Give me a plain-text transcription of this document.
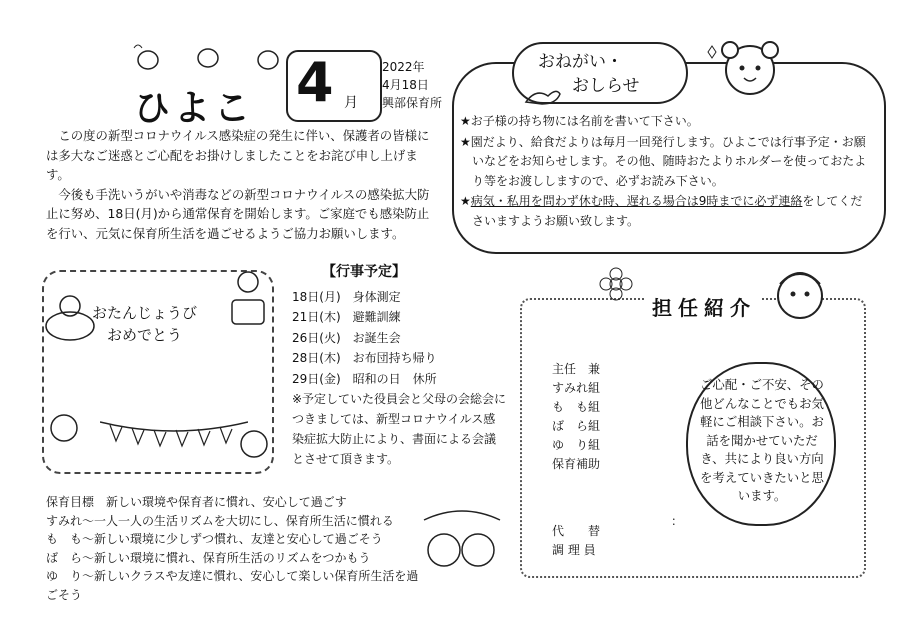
ひよこ 4 月
2022年
4月18日
興部保育所

この度の新型コロナウイルス感染症の発生に伴い、保護者の皆様には多大なご迷惑とご心配をお掛けしましたことをお詫び申し上げます。

今後も手洗いうがいや消毒などの新型コロナウイルスの感染拡大防止に努め、18日(月)から通常保育を開始します。ご家庭でも感染防止を行い、元気に保育所生活を過ごせるようご協力お願いします。

おねがい・
おしらせ
★お子様の持ち物には名前を書いて下さい。
★園だより、給食だよりは毎月一回発行します。ひよこでは行事予定・お願いなどをお知らせします。その他、随時おたよりホルダーを使っておたより等をお渡ししますので、必ずお読み下さい。
★病気・私用を問わず休む時、遅れる場合は9時までに必ず連絡をしてくださいますようお願い致します。
おたんじょうび
おめでとう
【行事予定】
18日(月)　 身体測定
21日(木)　 避難訓練
26日(火)　 お誕生会
28日(木)　 お布団持ち帰り
29日(金)　 昭和の日　休所
※予定していた役員会と父母の会総会につきましては、新型コロナウイルス感染症拡大防止により、書面による会議とさせて頂きます。
保育目標　新しい環境や保育者に慣れ、安心して過ごす
すみれ～一人一人の生活リズムを大切にし、保育所生活に慣れる
も　も～新しい環境に少しずつ慣れ、友達と安心して過ごそう
ば　ら～新しい環境に慣れ、保育所生活のリズムをつかもう
ゆ　り～新しいクラスや友達に慣れ、安心して楽しい保育所生活を過ごそう
担任紹介
主任　兼
すみれ組
も　も組
ば　ら組
ゆ　り組
保育補助
代　　替
調 理 員
：
ご心配・ご不安、その他どんなことでもお気軽にご相談下さい。お話を聞かせていただき、共により良い方向を考えていきたいと思います。
